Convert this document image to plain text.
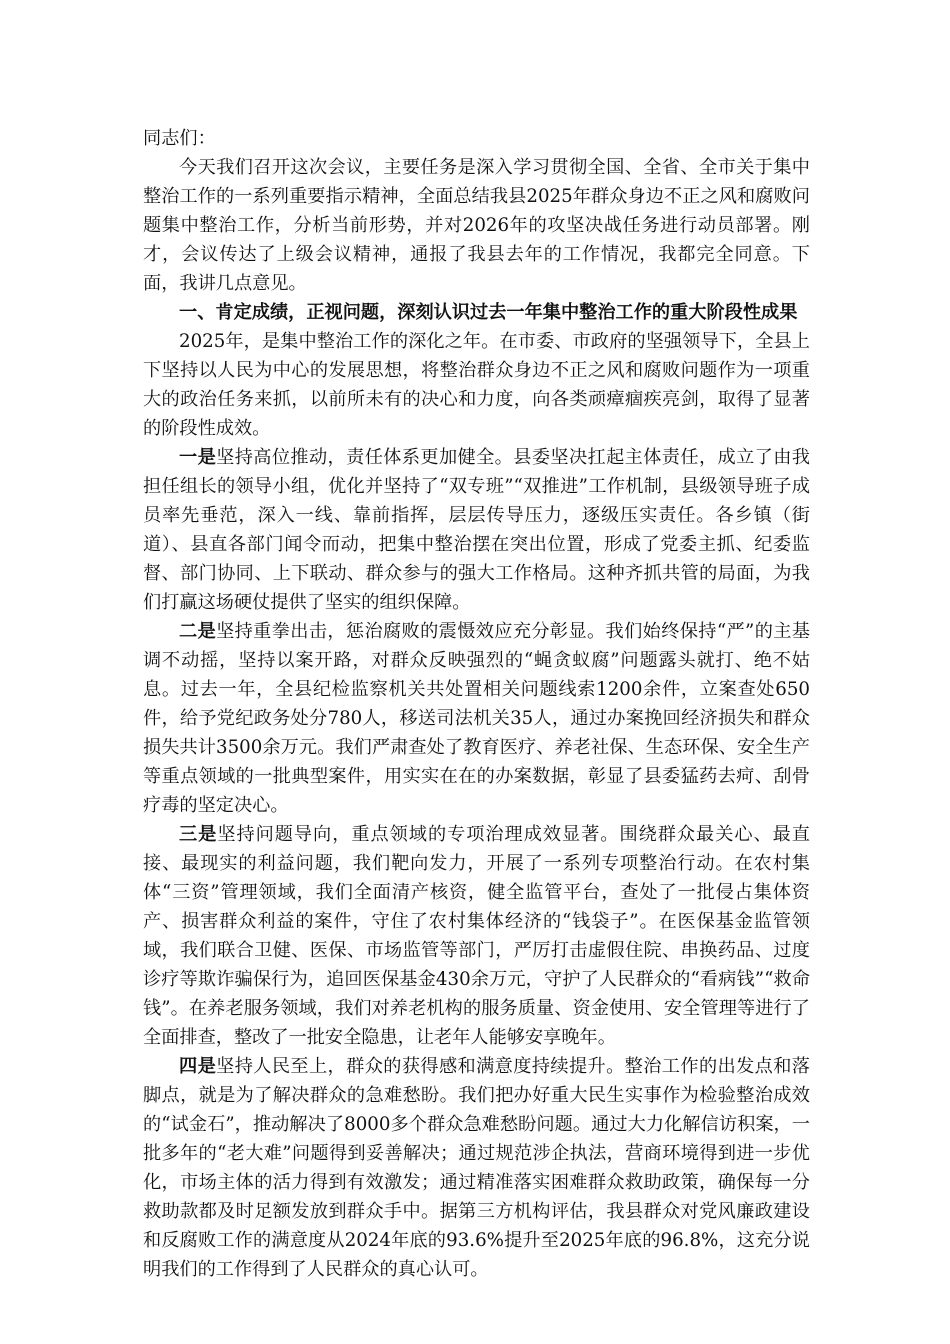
同志们：

今天我们召开这次会议，主要任务是深入学习贯彻全国、全省、全市关于集中整治工作的一系列重要指示精神，全面总结我县2025年群众身边不正之风和腐败问题集中整治工作，分析当前形势，并对2026年的攻坚决战任务进行动员部署。刚才，会议传达了上级会议精神，通报了我县去年的工作情况，我都完全同意。下面，我讲几点意见。

一、肯定成绩，正视问题，深刻认识过去一年集中整治工作的重大阶段性成果

2025年，是集中整治工作的深化之年。在市委、市政府的坚强领导下，全县上下坚持以人民为中心的发展思想，将整治群众身边不正之风和腐败问题作为一项重大的政治任务来抓，以前所未有的决心和力度，向各类顽瘴痼疾亮剑，取得了显著的阶段性成效。

一是坚持高位推动，责任体系更加健全。县委坚决扛起主体责任，成立了由我担任组长的领导小组，优化并坚持了“双专班”“双推进”工作机制，县级领导班子成员率先垂范，深入一线、靠前指挥，层层传导压力，逐级压实责任。各乡镇（街道）、县直各部门闻令而动，把集中整治摆在突出位置，形成了党委主抓、纪委监督、部门协同、上下联动、群众参与的强大工作格局。这种齐抓共管的局面，为我们打赢这场硬仗提供了坚实的组织保障。

二是坚持重拳出击，惩治腐败的震慑效应充分彰显。我们始终保持“严”的主基调不动摇，坚持以案开路，对群众反映强烈的“蝇贪蚁腐”问题露头就打、绝不姑息。过去一年，全县纪检监察机关共处置相关问题线索1200余件，立案查处650件，给予党纪政务处分780人，移送司法机关35人，通过办案挽回经济损失和群众损失共计3500余万元。我们严肃查处了教育医疗、养老社保、生态环保、安全生产等重点领域的一批典型案件，用实实在在的办案数据，彰显了县委猛药去疴、刮骨疗毒的坚定决心。

三是坚持问题导向，重点领域的专项治理成效显著。围绕群众最关心、最直接、最现实的利益问题，我们靶向发力，开展了一系列专项整治行动。在农村集体“三资”管理领域，我们全面清产核资，健全监管平台，查处了一批侵占集体资产、损害群众利益的案件，守住了农村集体经济的“钱袋子”。在医保基金监管领域，我们联合卫健、医保、市场监管等部门，严厉打击虚假住院、串换药品、过度诊疗等欺诈骗保行为，追回医保基金430余万元，守护了人民群众的“看病钱”“救命钱”。在养老服务领域，我们对养老机构的服务质量、资金使用、安全管理等进行了全面排查，整改了一批安全隐患，让老年人能够安享晚年。

四是坚持人民至上，群众的获得感和满意度持续提升。整治工作的出发点和落脚点，就是为了解决群众的急难愁盼。我们把办好重大民生实事作为检验整治成效的“试金石”，推动解决了8000多个群众急难愁盼问题。通过大力化解信访积案，一批多年的“老大难”问题得到妥善解决；通过规范涉企执法，营商环境得到进一步优化，市场主体的活力得到有效激发；通过精准落实困难群众救助政策，确保每一分救助款都及时足额发放到群众手中。据第三方机构评估，我县群众对党风廉政建设和反腐败工作的满意度从2024年底的93.6%提升至2025年底的96.8%，这充分说明我们的工作得到了人民群众的真心认可。
